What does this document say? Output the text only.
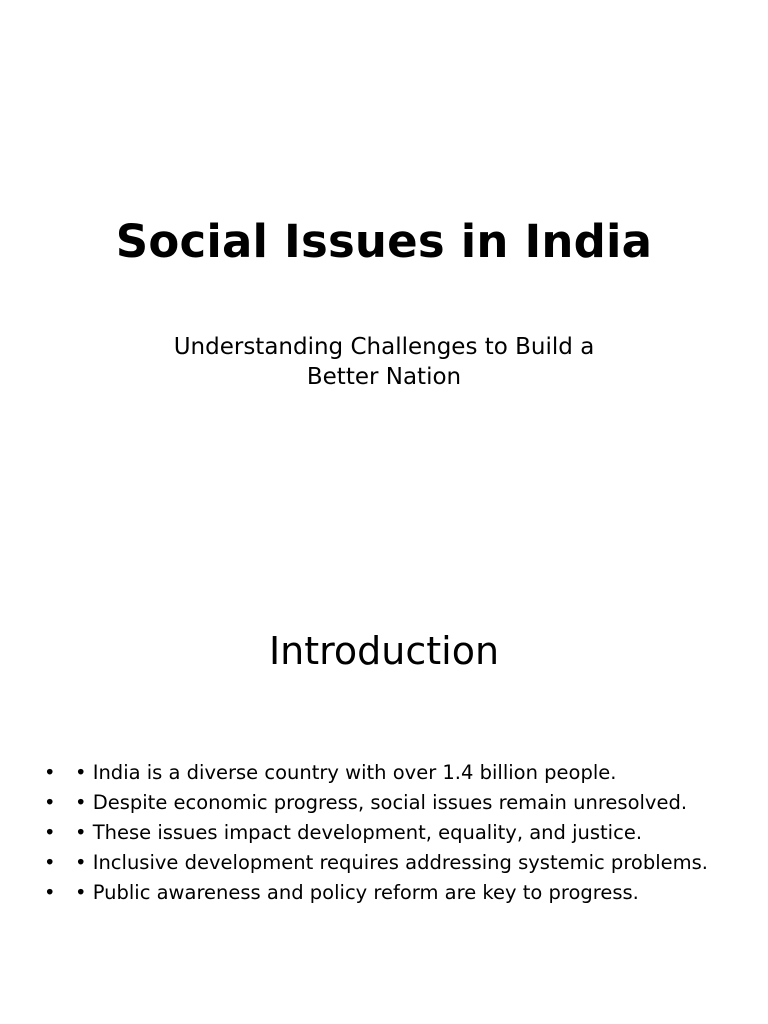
Social Issues in India
Understanding Challenges to Build a
Better Nation
Introduction
• • India is a diverse country with over 1.4 billion people.
• • Despite economic progress, social issues remain unresolved.
• • These issues impact development, equality, and justice.
• • Inclusive development requires addressing systemic problems.
• • Public awareness and policy reform are key to progress.
